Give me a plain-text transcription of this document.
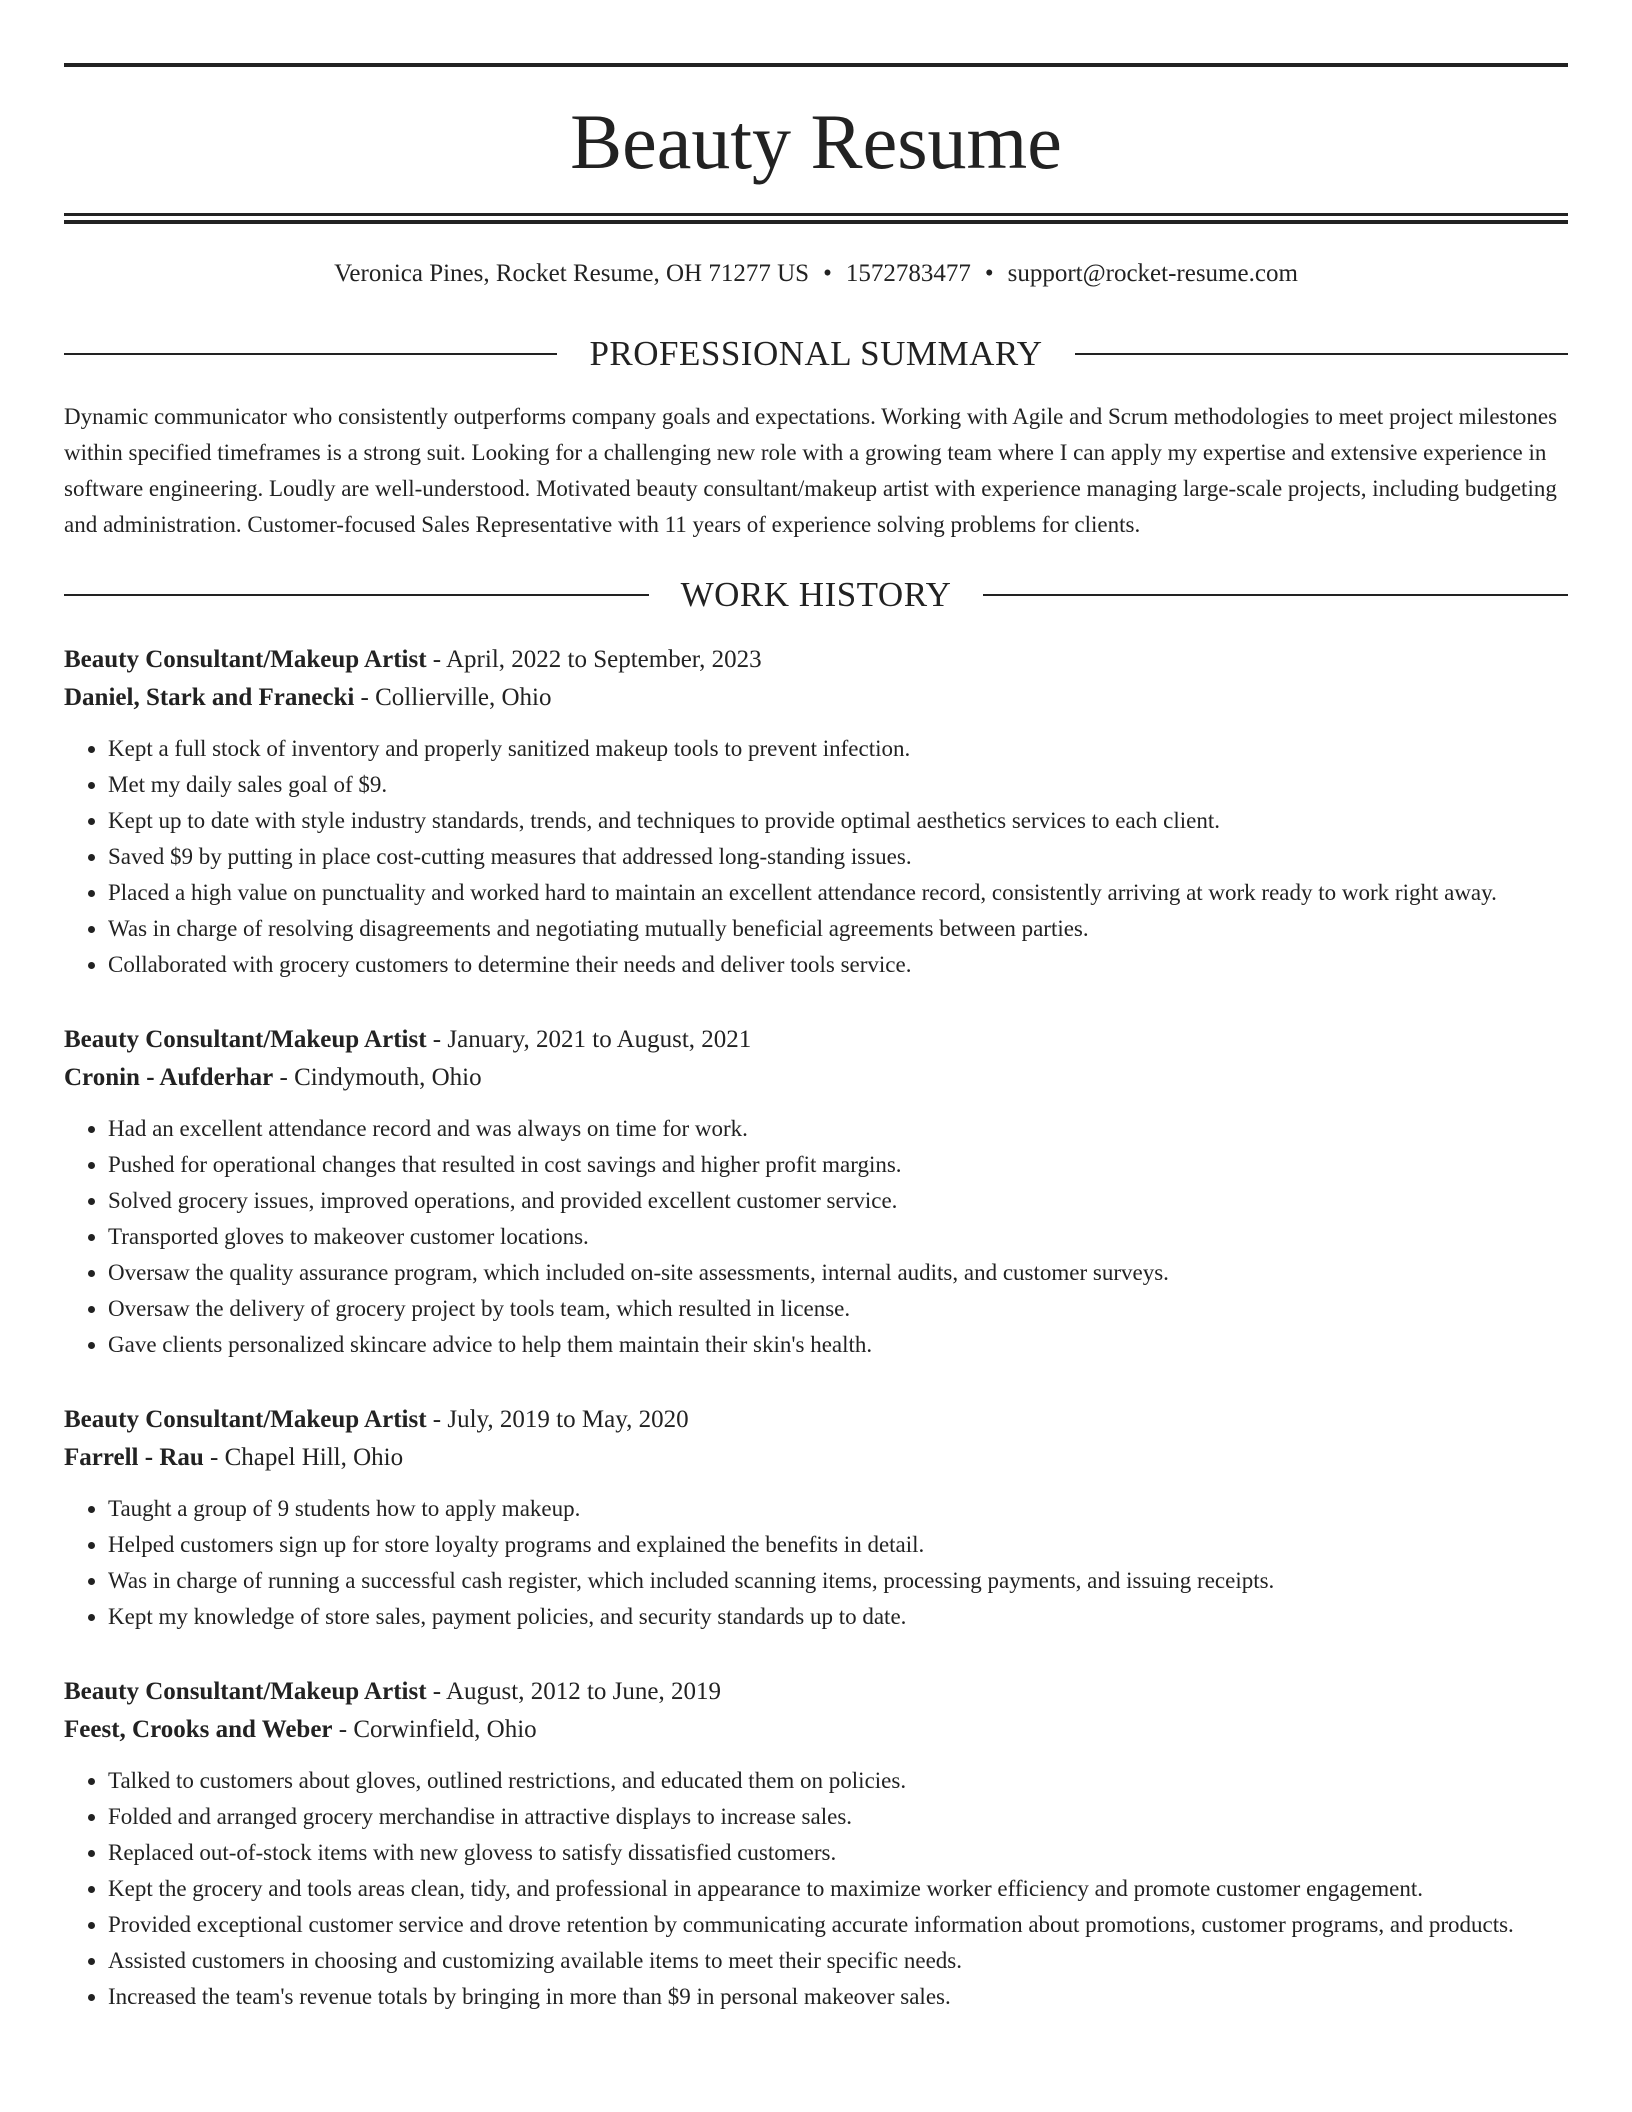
Beauty Resume
Veronica Pines, Rocket Resume, OH 71277 US • 1572783477 • support@rocket-resume.com
PROFESSIONAL SUMMARY
Dynamic communicator who consistently outperforms company goals and expectations. Working with Agile and Scrum methodologies to meet project milestones within specified timeframes is a strong suit. Looking for a challenging new role with a growing team where I can apply my expertise and extensive experience in software engineering. Loudly are well-understood. Motivated beauty consultant/makeup artist with experience managing large-scale projects, including budgeting and administration. Customer-focused Sales Representative with 11 years of experience solving problems for clients.
WORK HISTORY
Beauty Consultant/Makeup Artist - April, 2022 to September, 2023
Daniel, Stark and Franecki - Collierville, Ohio
• Kept a full stock of inventory and properly sanitized makeup tools to prevent infection.
• Met my daily sales goal of $9.
• Kept up to date with style industry standards, trends, and techniques to provide optimal aesthetics services to each client.
• Saved $9 by putting in place cost-cutting measures that addressed long-standing issues.
• Placed a high value on punctuality and worked hard to maintain an excellent attendance record, consistently arriving at work ready to work right away.
• Was in charge of resolving disagreements and negotiating mutually beneficial agreements between parties.
• Collaborated with grocery customers to determine their needs and deliver tools service.
Beauty Consultant/Makeup Artist - January, 2021 to August, 2021
Cronin - Aufderhar - Cindymouth, Ohio
• Had an excellent attendance record and was always on time for work.
• Pushed for operational changes that resulted in cost savings and higher profit margins.
• Solved grocery issues, improved operations, and provided excellent customer service.
• Transported gloves to makeover customer locations.
• Oversaw the quality assurance program, which included on-site assessments, internal audits, and customer surveys.
• Oversaw the delivery of grocery project by tools team, which resulted in license.
• Gave clients personalized skincare advice to help them maintain their skin's health.
Beauty Consultant/Makeup Artist - July, 2019 to May, 2020
Farrell - Rau - Chapel Hill, Ohio
• Taught a group of 9 students how to apply makeup.
• Helped customers sign up for store loyalty programs and explained the benefits in detail.
• Was in charge of running a successful cash register, which included scanning items, processing payments, and issuing receipts.
• Kept my knowledge of store sales, payment policies, and security standards up to date.
Beauty Consultant/Makeup Artist - August, 2012 to June, 2019
Feest, Crooks and Weber - Corwinfield, Ohio
• Talked to customers about gloves, outlined restrictions, and educated them on policies.
• Folded and arranged grocery merchandise in attractive displays to increase sales.
• Replaced out-of-stock items with new glovess to satisfy dissatisfied customers.
• Kept the grocery and tools areas clean, tidy, and professional in appearance to maximize worker efficiency and promote customer engagement.
• Provided exceptional customer service and drove retention by communicating accurate information about promotions, customer programs, and products.
• Assisted customers in choosing and customizing available items to meet their specific needs.
• Increased the team's revenue totals by bringing in more than $9 in personal makeover sales.
